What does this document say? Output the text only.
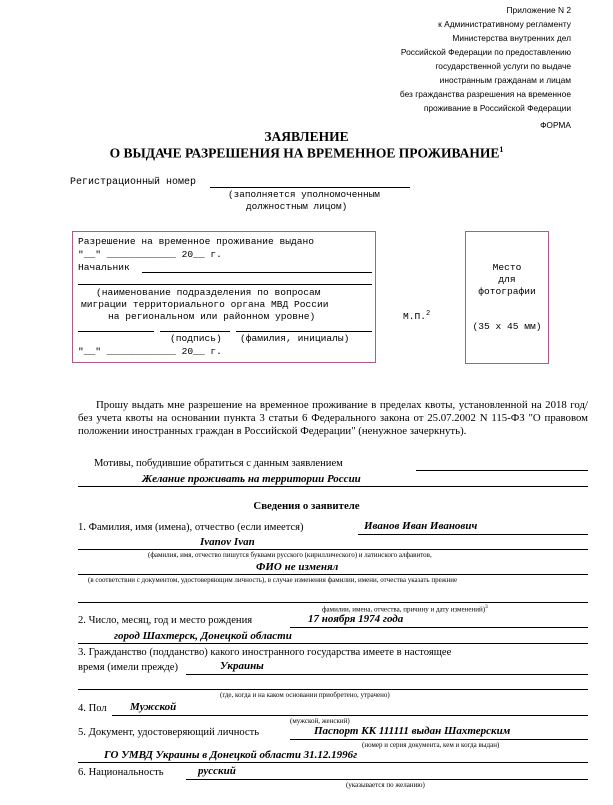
Приложение N 2
к Административному регламенту
Министерства внутренних дел
Российской Федерации по предоставлению
государственной услуги по выдаче
иностранным гражданам и лицам
без гражданства разрешения на временное
проживание в Российской Федерации
ФОРМА
ЗАЯВЛЕНИЕ
О ВЫДАЧЕ РАЗРЕШЕНИЯ НА ВРЕМЕННОЕ ПРОЖИВАНИЕ$^1$
Регистрационный номер
(заполняется уполномоченным
должностным лицом)
Разрешение на временное проживание выдано
"__" ____________ 20__ г.
Начальник
(наименование подразделения по вопросам
миграции территориального органа МВД России
на региональном или районном уровне)
(подпись) (фамилия, инициалы)
"__" ____________ 20__ г.
М.П.$^2$
Место
для
фотографии
(35 х 45 мм)
Прошу выдать мне разрешение на временное проживание в пределах квоты, установленной на 2018 год/без учета квоты на основании пункта 3 статьи 6 Федерального закона от 25.07.2002 N 115-ФЗ "О правовом положении иностранных граждан в Российской Федерации" (ненужное зачеркнуть).
Мотивы, побудившие обратиться с данным заявлением
Желание проживать на территории России
Сведения о заявителе
1. Фамилия, имя (имена), отчество (если имеется)	Иванов Иван Иванович
Ivanov Ivan
(фамилия, имя, отчество пишутся буквами русского (кириллического) и латинского алфавитов,
ФИО не изменял
(в соответствии с документом, удостоверяющим личность), в случае изменения фамилии, имени, отчества указать прежние
фамилии, имена, отчества, причину и дату изменений)$^3$
2. Число, месяц, год и место рождения	17 ноября 1974 года
город Шахтерск, Донецкой области
3. Гражданство (подданство) какого иностранного государства имеете в настоящее
время (имели прежде)	Украины
(где, когда и на каком основании приобретено, утрачено)
4. Пол Мужской
(мужской, женский)
5. Документ, удостоверяющий личность	Паспорт КК 111111 выдан Шахтерским
(номер и серия документа, кем и когда выдан)
ГО УМВД Украины в Донецкой области 31.12.1996г
6. Национальность	русский
(указывается по желанию)
